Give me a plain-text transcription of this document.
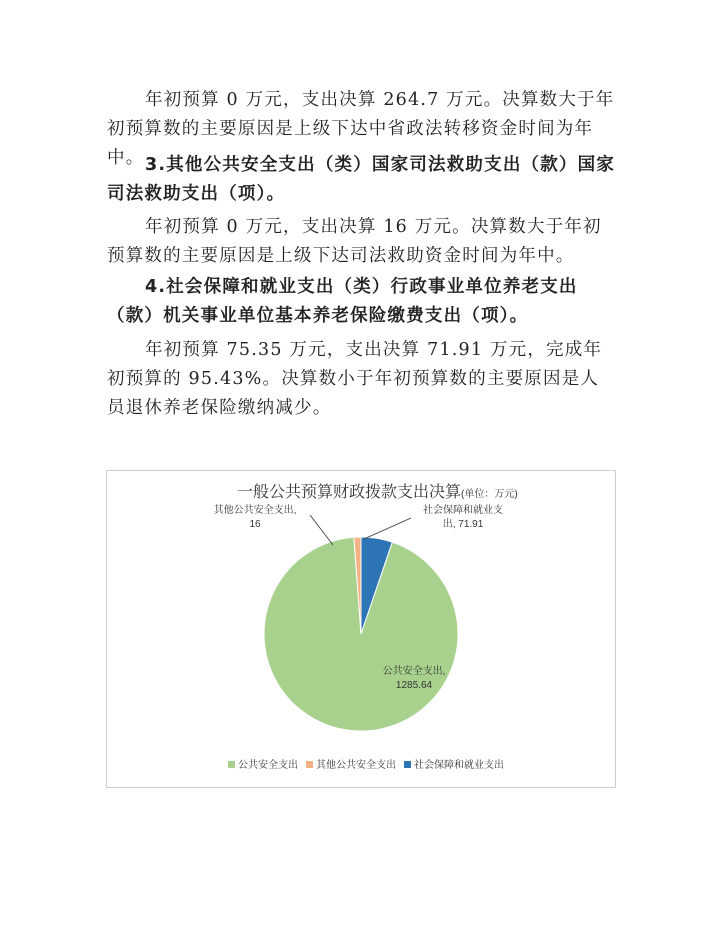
年初预算 0 万元，支出决算 264.7 万元。决算数大于年初预算数的主要原因是上级下达中省政法转移资金时间为年中。 3.其他公共安全支出（类）国家司法救助支出（款）国家司法救助支出（项）。
年初预算 0 万元，支出决算 16 万元。决算数大于年初预算数的主要原因是上级下达司法救助资金时间为年中。
4.社会保障和就业支出（类）行政事业单位养老支出（款）机关事业单位基本养老保险缴费支出（项）。
年初预算 75.35 万元，支出决算 71.91 万元，完成年初预算的 95.43%。决算数小于年初预算数的主要原因是人员退休养老保险缴纳减少。
一般公共预算财政拨款支出决算 (单位：万元)
公共安全支出,
1285.64
其他公共安全支出,
16
社会保障和就业支
出, 71.91
公共安全支出 其他公共安全支出 社会保障和就业支出
